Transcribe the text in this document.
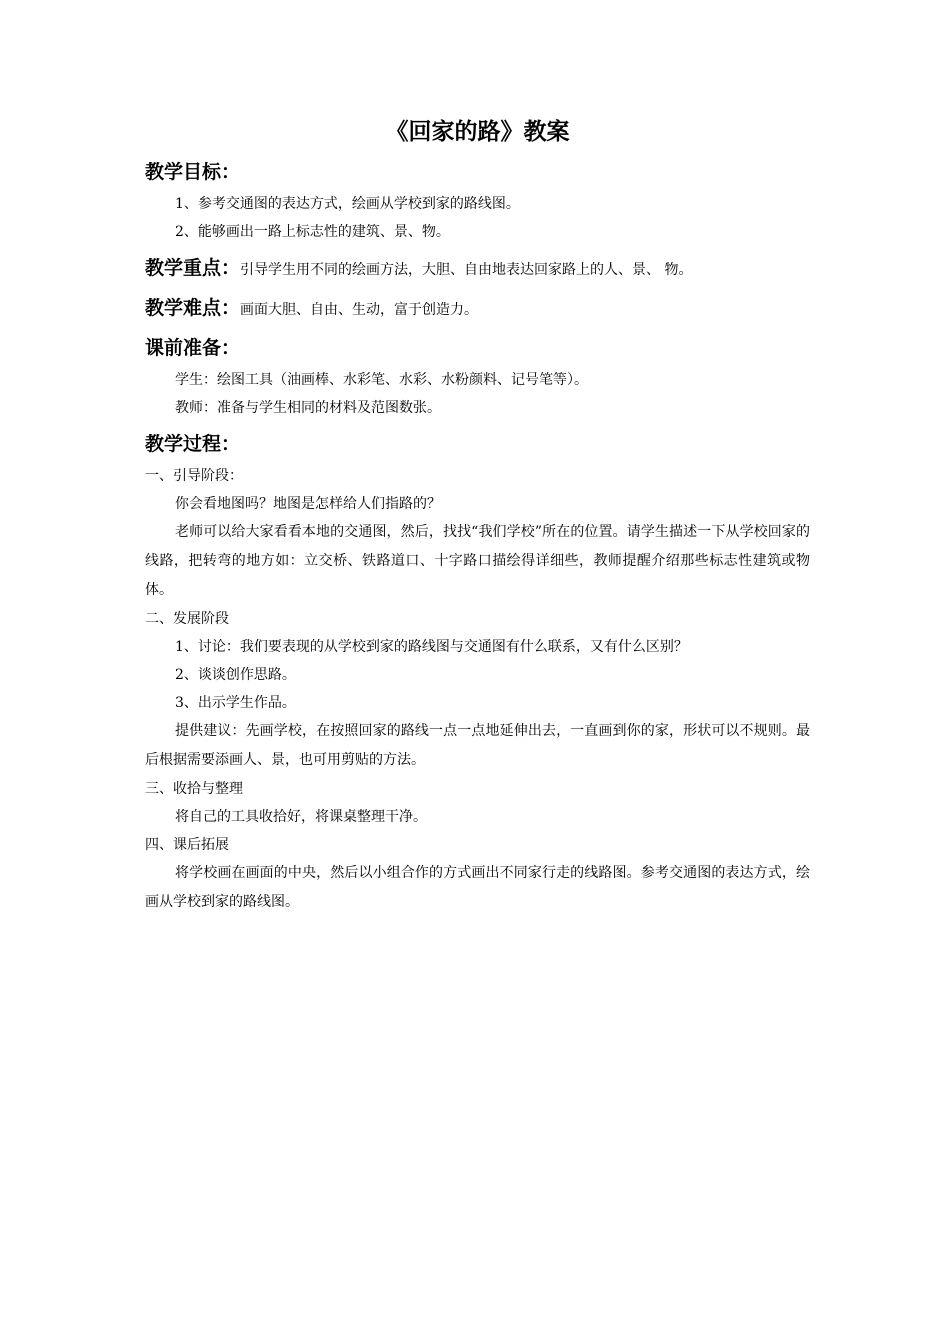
《回家的路》教案
教学目标：
1、参考交通图的表达方式，绘画从学校到家的路线图。
2、能够画出一路上标志性的建筑、景、物。
教学重点：引导学生用不同的绘画方法，大胆、自由地表达回家路上的人、景、 物。
教学难点：画面大胆、自由、生动，富于创造力。
课前准备：
学生：绘图工具（油画棒、水彩笔、水彩、水粉颜料、记号笔等）。
教师：准备与学生相同的材料及范图数张。
教学过程：
一、引导阶段：
你会看地图吗？地图是怎样给人们指路的？
老师可以给大家看看本地的交通图，然后，找找“我们学校”所在的位置。请学生描述一下从学校回家的线路，把转弯的地方如：立交桥、铁路道口、十字路口描绘得详细些，教师提醒介绍那些标志性建筑或物体。
二、发展阶段
1、讨论：我们要表现的从学校到家的路线图与交通图有什么联系，又有什么区别？
2、谈谈创作思路。
3、出示学生作品。
提供建议：先画学校，在按照回家的路线一点一点地延伸出去，一直画到你的家，形状可以不规则。最后根据需要添画人、景，也可用剪贴的方法。
三、收拾与整理
将自己的工具收拾好，将课桌整理干净。
四、课后拓展
将学校画在画面的中央，然后以小组合作的方式画出不同家行走的线路图。参考交通图的表达方式，绘画从学校到家的路线图。
